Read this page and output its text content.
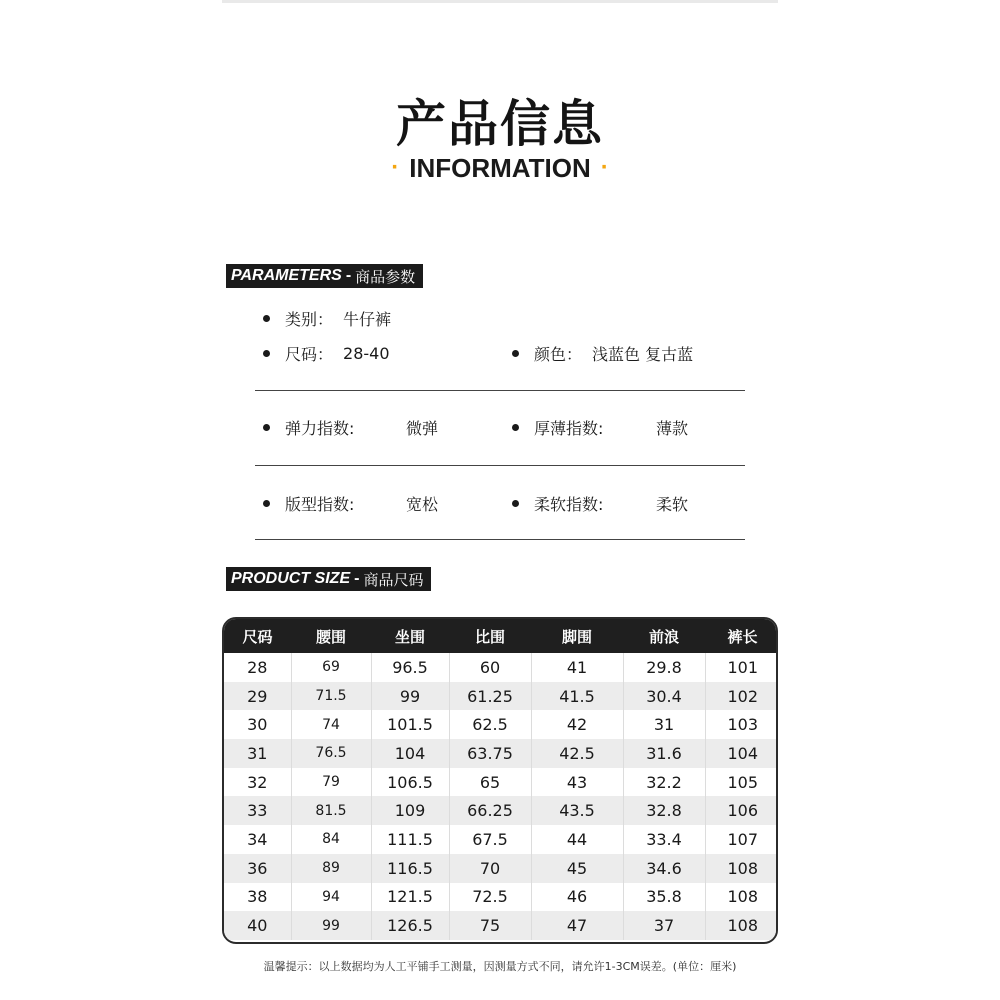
产品信息
· INFORMATION ·
PARAMETERS - 商品参数
类别： 牛仔裤
尺码： 28-40	颜色： 浅蓝色 复古蓝
弹力指数:	微弹	厚薄指数:	薄款
版型指数:	宽松	柔软指数:	柔软
PRODUCT SIZE - 商品尺码
尺码	腰围	坐围	比围	脚围	前浪	裤长
28	69	96.5	60	41	29.8	101
29	71.5	99	61.25	41.5	30.4	102
30	74	101.5	62.5	42	31	103
31	76.5	104	63.75	42.5	31.6	104
32	79	106.5	65	43	32.2	105
33	81.5	109	66.25	43.5	32.8	106
34	84	111.5	67.5	44	33.4	107
36	89	116.5	70	45	34.6	108
38	94	121.5	72.5	46	35.8	108
40	99	126.5	75	47	37	108
温馨提示：以上数据均为人工平铺手工测量，因测量方式不同，请允许1-3CM误差。(单位：厘米)
